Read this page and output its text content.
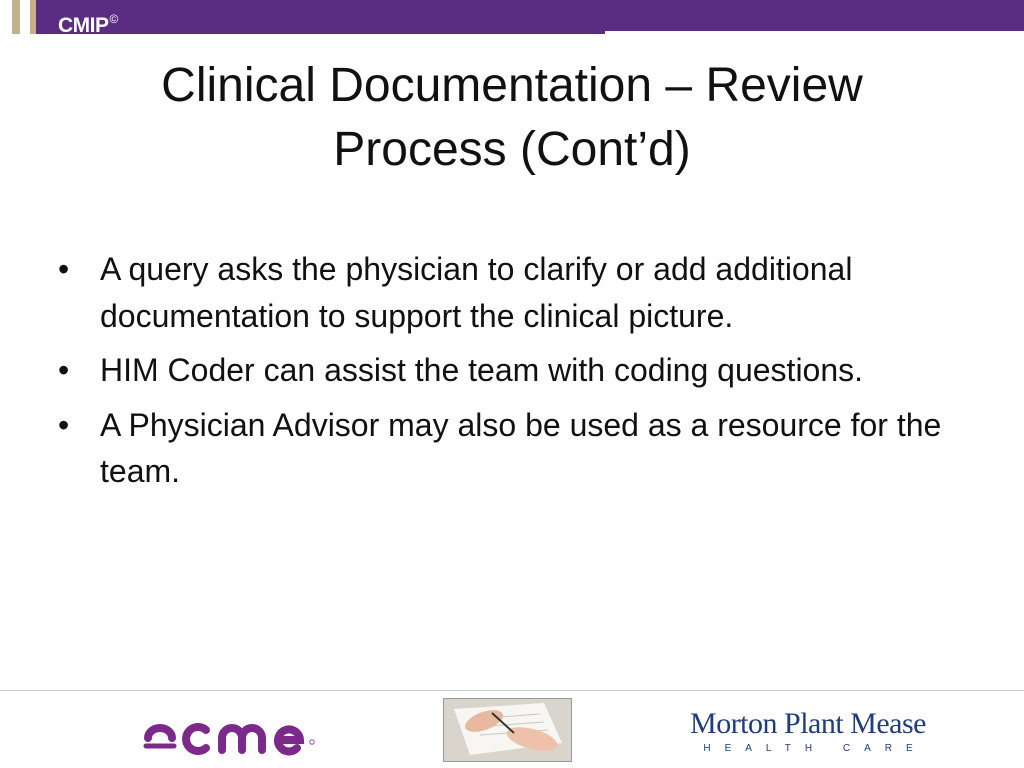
CMIP©
Clinical Documentation – Review
Process (Cont’d)
• A query asks the physician to clarify or add additional documentation to support the clinical picture.
• HIM Coder can assist the team with coding questions.
• A Physician Advisor may also be used as a resource for the team.
Morton Plant Mease
HEALTH CARE
